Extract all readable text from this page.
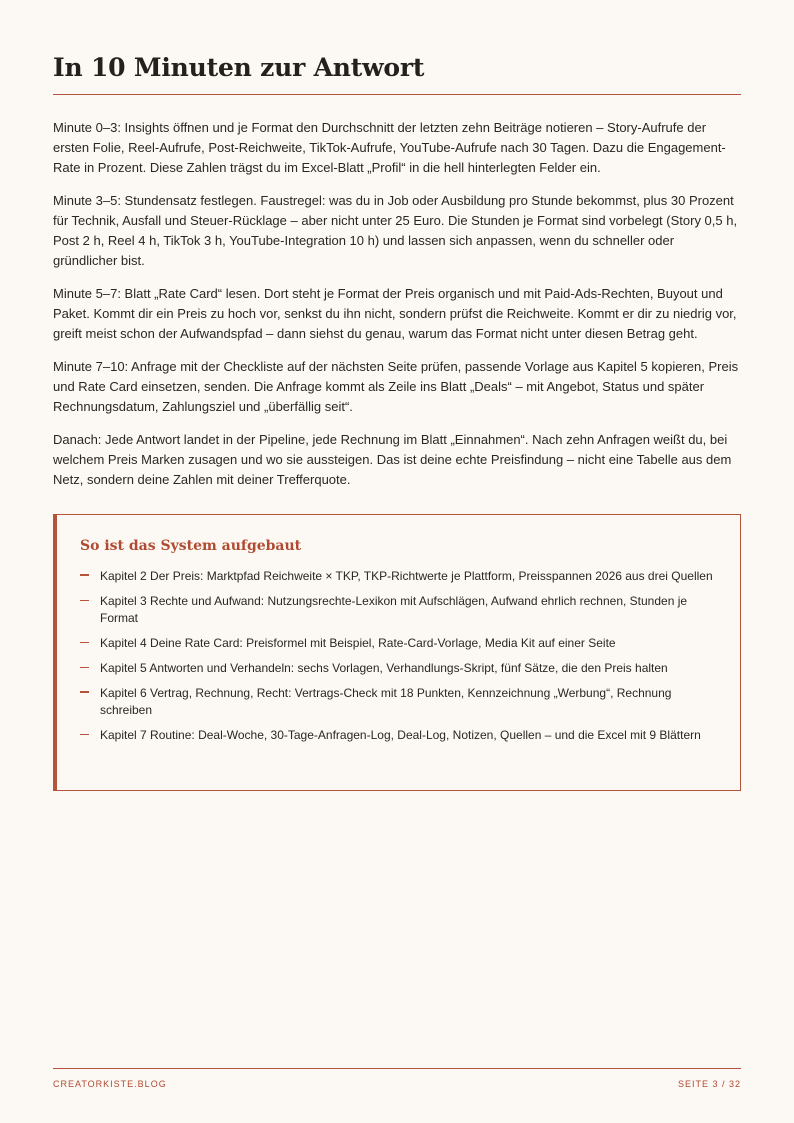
In 10 Minuten zur Antwort

Minute 0–3: Insights öffnen und je Format den Durchschnitt der letzten zehn Beiträge notieren – Story-Aufrufe der ersten Folie, Reel-Aufrufe, Post-Reichweite, TikTok-Aufrufe, YouTube-Aufrufe nach 30 Tagen. Dazu die Engagement-Rate in Prozent. Diese Zahlen trägst du im Excel-Blatt „Profil“ in die hell hinterlegten Felder ein.

Minute 3–5: Stundensatz festlegen. Faustregel: was du in Job oder Ausbildung pro Stunde bekommst, plus 30 Prozent für Technik, Ausfall und Steuer-Rücklage – aber nicht unter 25 Euro. Die Stunden je Format sind vorbelegt (Story 0,5 h, Post 2 h, Reel 4 h, TikTok 3 h, YouTube-Integration 10 h) und lassen sich anpassen, wenn du schneller oder gründlicher bist.

Minute 5–7: Blatt „Rate Card“ lesen. Dort steht je Format der Preis organisch und mit Paid-Ads-Rechten, Buyout und Paket. Kommt dir ein Preis zu hoch vor, senkst du ihn nicht, sondern prüfst die Reichweite. Kommt er dir zu niedrig vor, greift meist schon der Aufwandspfad – dann siehst du genau, warum das Format nicht unter diesen Betrag geht.

Minute 7–10: Anfrage mit der Checkliste auf der nächsten Seite prüfen, passende Vorlage aus Kapitel 5 kopieren, Preis und Rate Card einsetzen, senden. Die Anfrage kommt als Zeile ins Blatt „Deals“ – mit Angebot, Status und später Rechnungsdatum, Zahlungsziel und „überfällig seit“.

Danach: Jede Antwort landet in der Pipeline, jede Rechnung im Blatt „Einnahmen“. Nach zehn Anfragen weißt du, bei welchem Preis Marken zusagen und wo sie aussteigen. Das ist deine echte Preisfindung – nicht eine Tabelle aus dem Netz, sondern deine Zahlen mit deiner Trefferquote.

So ist das System aufgebaut
Kapitel 2 Der Preis: Marktpfad Reichweite × TKP, TKP-Richtwerte je Plattform, Preisspannen 2026 aus drei Quellen
Kapitel 3 Rechte und Aufwand: Nutzungsrechte-Lexikon mit Aufschlägen, Aufwand ehrlich rechnen, Stunden je Format
Kapitel 4 Deine Rate Card: Preisformel mit Beispiel, Rate-Card-Vorlage, Media Kit auf einer Seite
Kapitel 5 Antworten und Verhandeln: sechs Vorlagen, Verhandlungs-Skript, fünf Sätze, die den Preis halten
Kapitel 6 Vertrag, Rechnung, Recht: Vertrags-Check mit 18 Punkten, Kennzeichnung „Werbung“, Rechnung schreiben
Kapitel 7 Routine: Deal-Woche, 30-Tage-Anfragen-Log, Deal-Log, Notizen, Quellen – und die Excel mit 9 Blättern
CREATORKISTE.BLOG	SEITE 3 / 32
